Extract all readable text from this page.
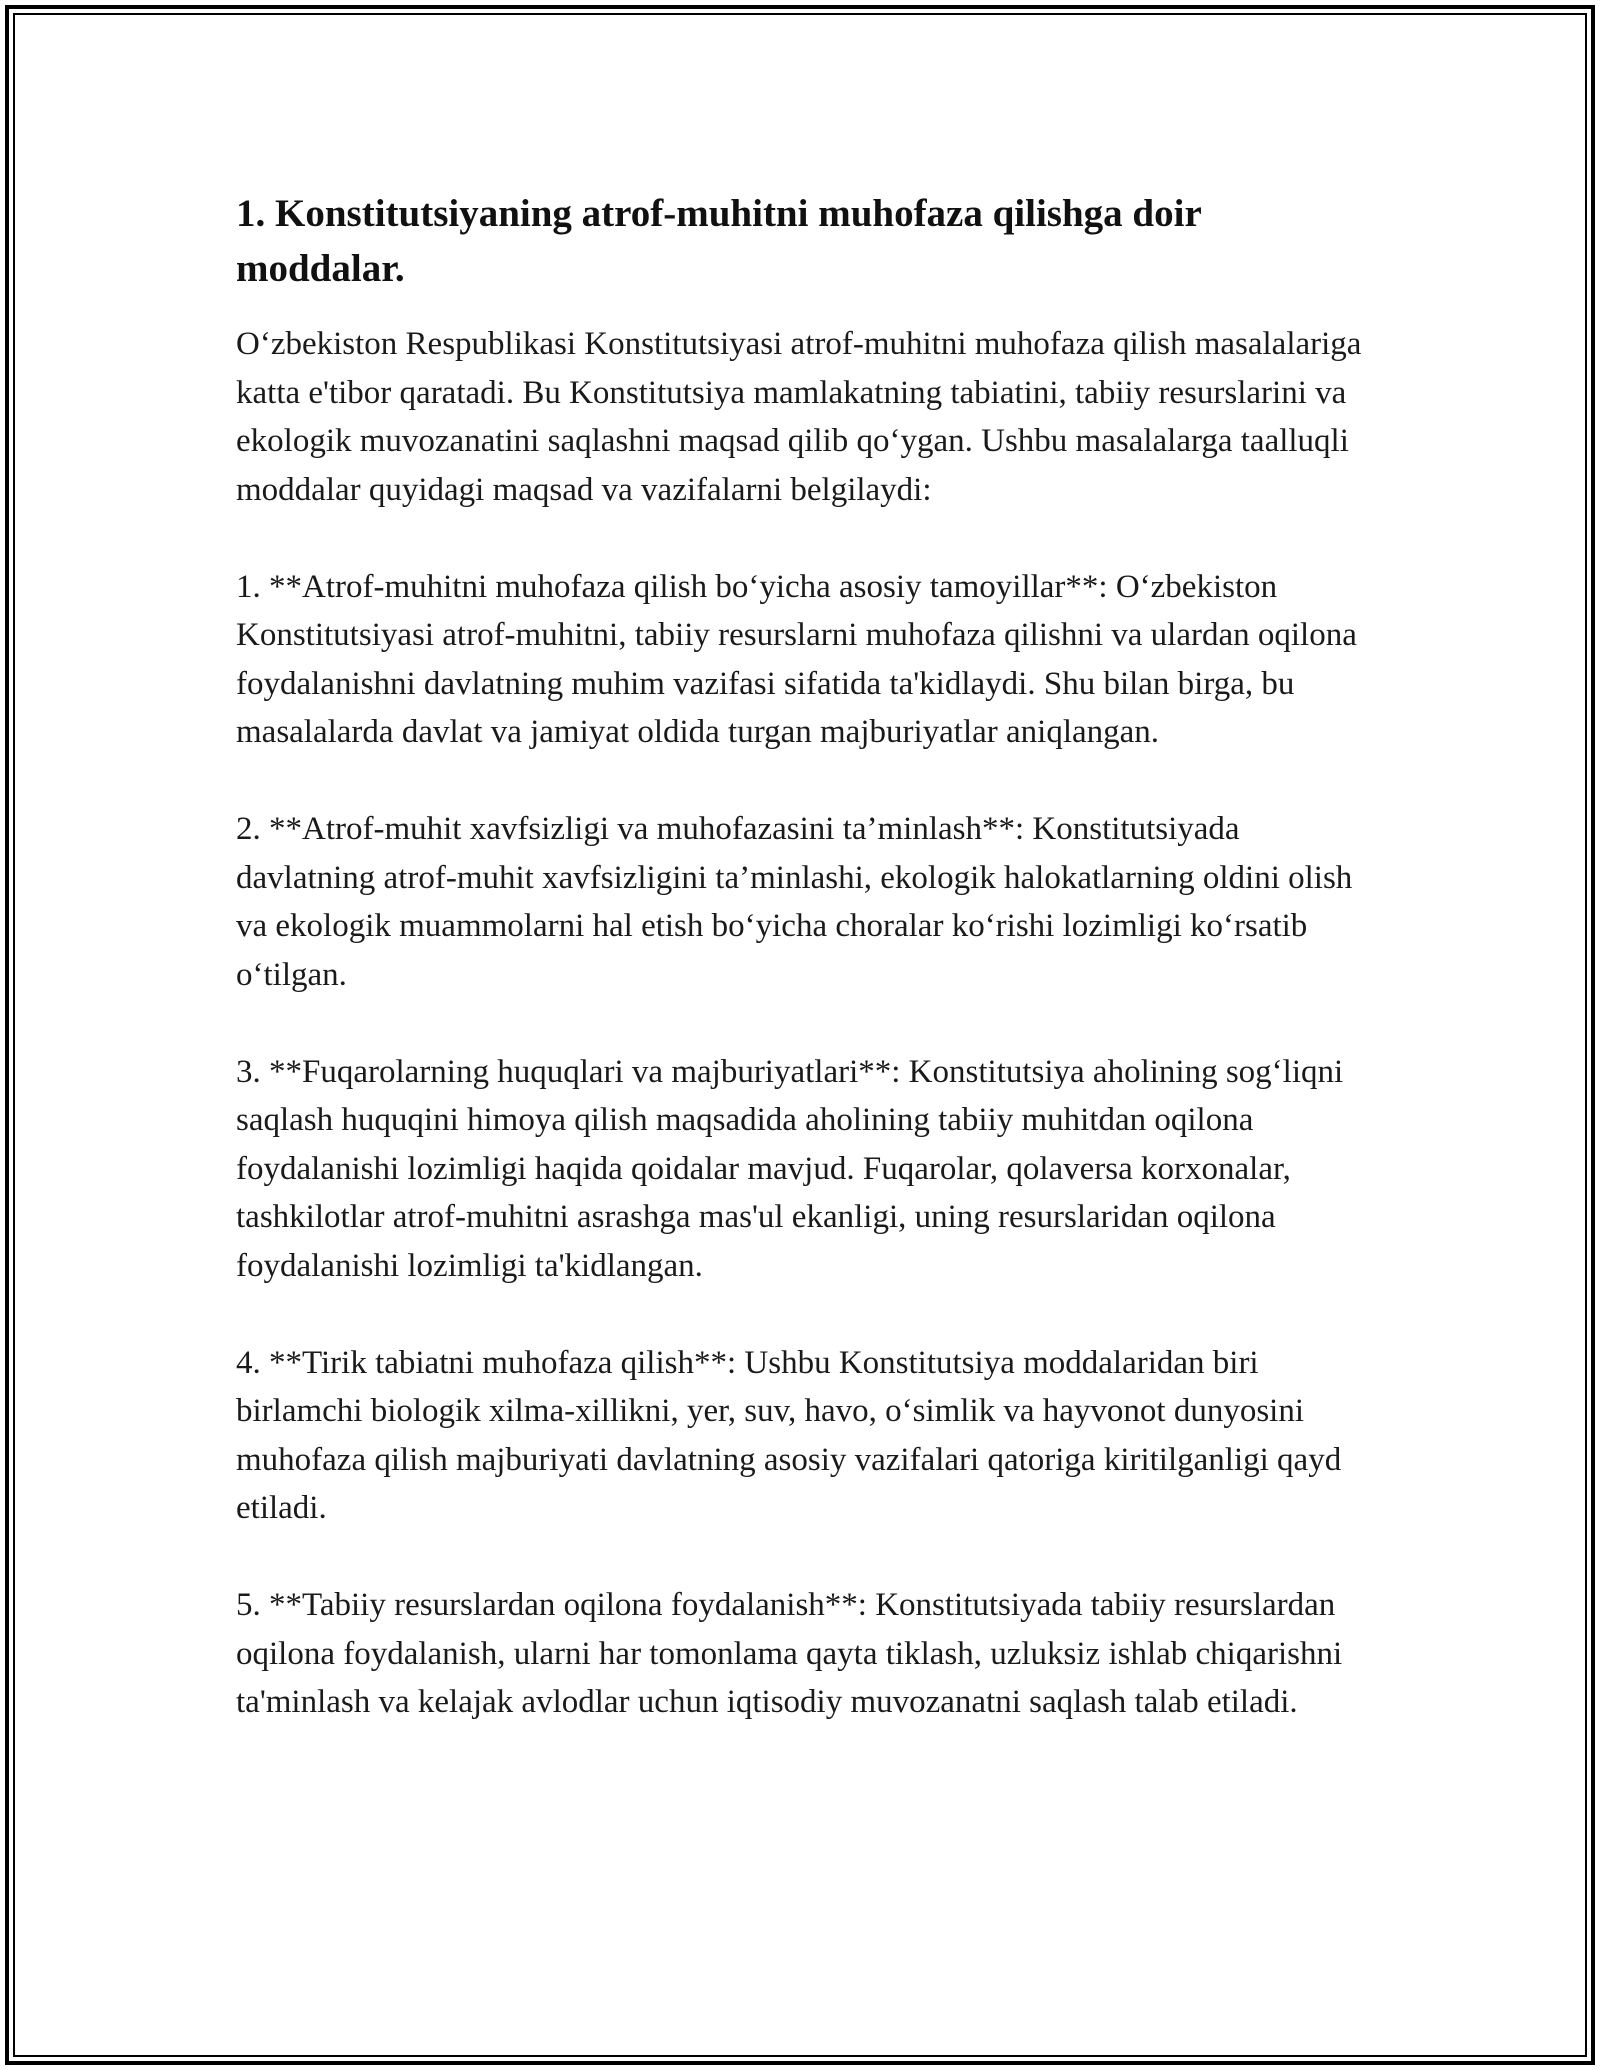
1. Konstitutsiyaning atrof-muhitni muhofaza qilishga doir moddalar.

O‘zbekiston Respublikasi Konstitutsiyasi atrof-muhitni muhofaza qilish masalalariga katta e'tibor qaratadi. Bu Konstitutsiya mamlakatning tabiatini, tabiiy resurslarini va ekologik muvozanatini saqlashni maqsad qilib qo‘ygan. Ushbu masalalarga taalluqli moddalar quyidagi maqsad va vazifalarni belgilaydi:

1. **Atrof-muhitni muhofaza qilish bo‘yicha asosiy tamoyillar**: O‘zbekiston Konstitutsiyasi atrof-muhitni, tabiiy resurslarni muhofaza qilishni va ulardan oqilona foydalanishni davlatning muhim vazifasi sifatida ta'kidlaydi. Shu bilan birga, bu masalalarda davlat va jamiyat oldida turgan majburiyatlar aniqlangan.

2. **Atrof-muhit xavfsizligi va muhofazasini ta’minlash**: Konstitutsiyada davlatning atrof-muhit xavfsizligini ta’minlashi, ekologik halokatlarning oldini olish va ekologik muammolarni hal etish bo‘yicha choralar ko‘rishi lozimligi ko‘rsatib o‘tilgan.

3. **Fuqarolarning huquqlari va majburiyatlari**: Konstitutsiya aholining sog‘liqni saqlash huquqini himoya qilish maqsadida aholining tabiiy muhitdan oqilona foydalanishi lozimligi haqida qoidalar mavjud. Fuqarolar, qolaversa korxonalar, tashkilotlar atrof-muhitni asrashga mas'ul ekanligi, uning resurslaridan oqilona foydalanishi lozimligi ta'kidlangan.

4. **Tirik tabiatni muhofaza qilish**: Ushbu Konstitutsiya moddalaridan biri birlamchi biologik xilma-xillikni, yer, suv, havo, o‘simlik va hayvonot dunyosini muhofaza qilish majburiyati davlatning asosiy vazifalari qatoriga kiritilganligi qayd etiladi.

5. **Tabiiy resurslardan oqilona foydalanish**: Konstitutsiyada tabiiy resurslardan oqilona foydalanish, ularni har tomonlama qayta tiklash, uzluksiz ishlab chiqarishni ta'minlash va kelajak avlodlar uchun iqtisodiy muvozanatni saqlash talab etiladi.
